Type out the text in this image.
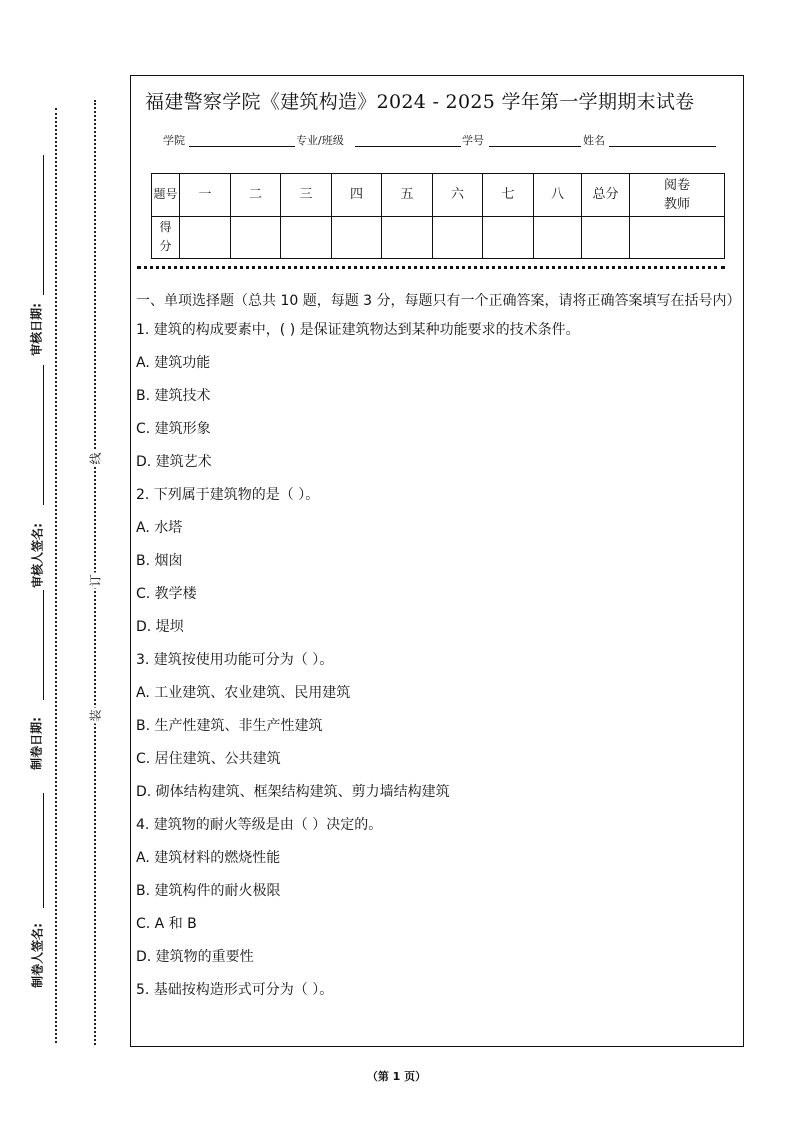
审核日期:
审核人签名:
制卷日期:
制卷人签名:
线
订
装
福建警察学院《建筑构造》2024 - 2025 学年第一学期期末试卷
学院	专业/班级	学号	姓名
题号	一	二	三	四	五	六	七	八	总分	阅卷教师
得分										
一、单项选择题（总共 10 题，每题 3 分，每题只有一个正确答案，请将正确答案填写在括号内）
1. 建筑的构成要素中，( ) 是保证建筑物达到某种功能要求的技术条件。
A. 建筑功能
B. 建筑技术
C. 建筑形象
D. 建筑艺术
2. 下列属于建筑物的是（ ）。
A. 水塔
B. 烟囱
C. 教学楼
D. 堤坝
3. 建筑按使用功能可分为（ ）。
A. 工业建筑、农业建筑、民用建筑
B. 生产性建筑、非生产性建筑
C. 居住建筑、公共建筑
D. 砌体结构建筑、框架结构建筑、剪力墙结构建筑
4. 建筑物的耐火等级是由（ ）决定的。
A. 建筑材料的燃烧性能
B. 建筑构件的耐火极限
C. A 和 B
D. 建筑物的重要性
5. 基础按构造形式可分为（ ）。
（第 1 页）
